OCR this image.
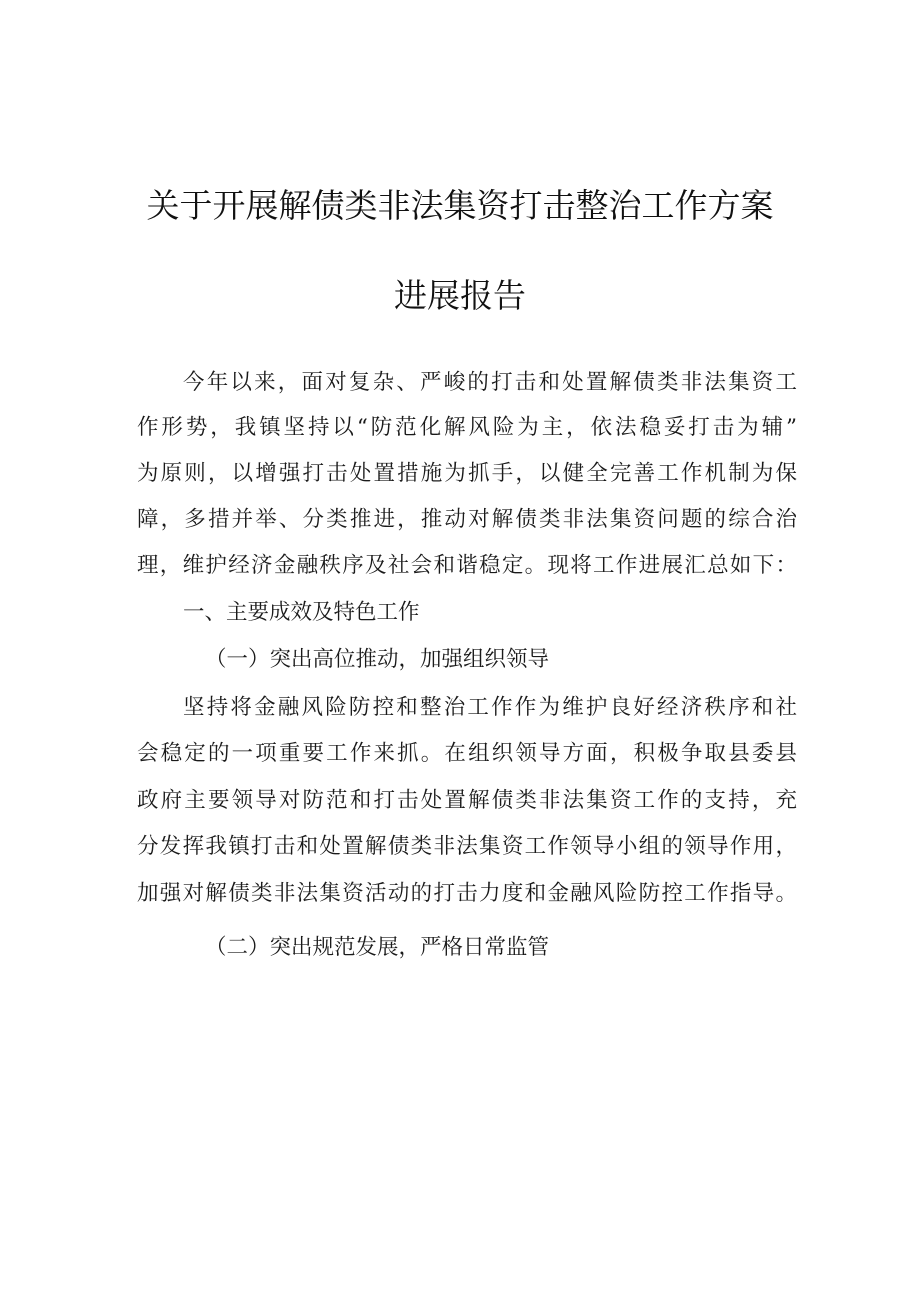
关于开展解债类非法集资打击整治工作方案
进展报告
今年以来，面对复杂、严峻的打击和处置解债类非法集资工
作形势，我镇坚持以“防范化解风险为主，依法稳妥打击为辅”
为原则，以增强打击处置措施为抓手，以健全完善工作机制为保
障，多措并举、分类推进，推动对解债类非法集资问题的综合治
理，维护经济金融秩序及社会和谐稳定。现将工作进展汇总如下：
一、主要成效及特色工作
（一）突出高位推动，加强组织领导
坚持将金融风险防控和整治工作作为维护良好经济秩序和社
会稳定的一项重要工作来抓。在组织领导方面，积极争取县委县
政府主要领导对防范和打击处置解债类非法集资工作的支持，充
分发挥我镇打击和处置解债类非法集资工作领导小组的领导作用，
加强对解债类非法集资活动的打击力度和金融风险防控工作指导。
（二）突出规范发展，严格日常监管
